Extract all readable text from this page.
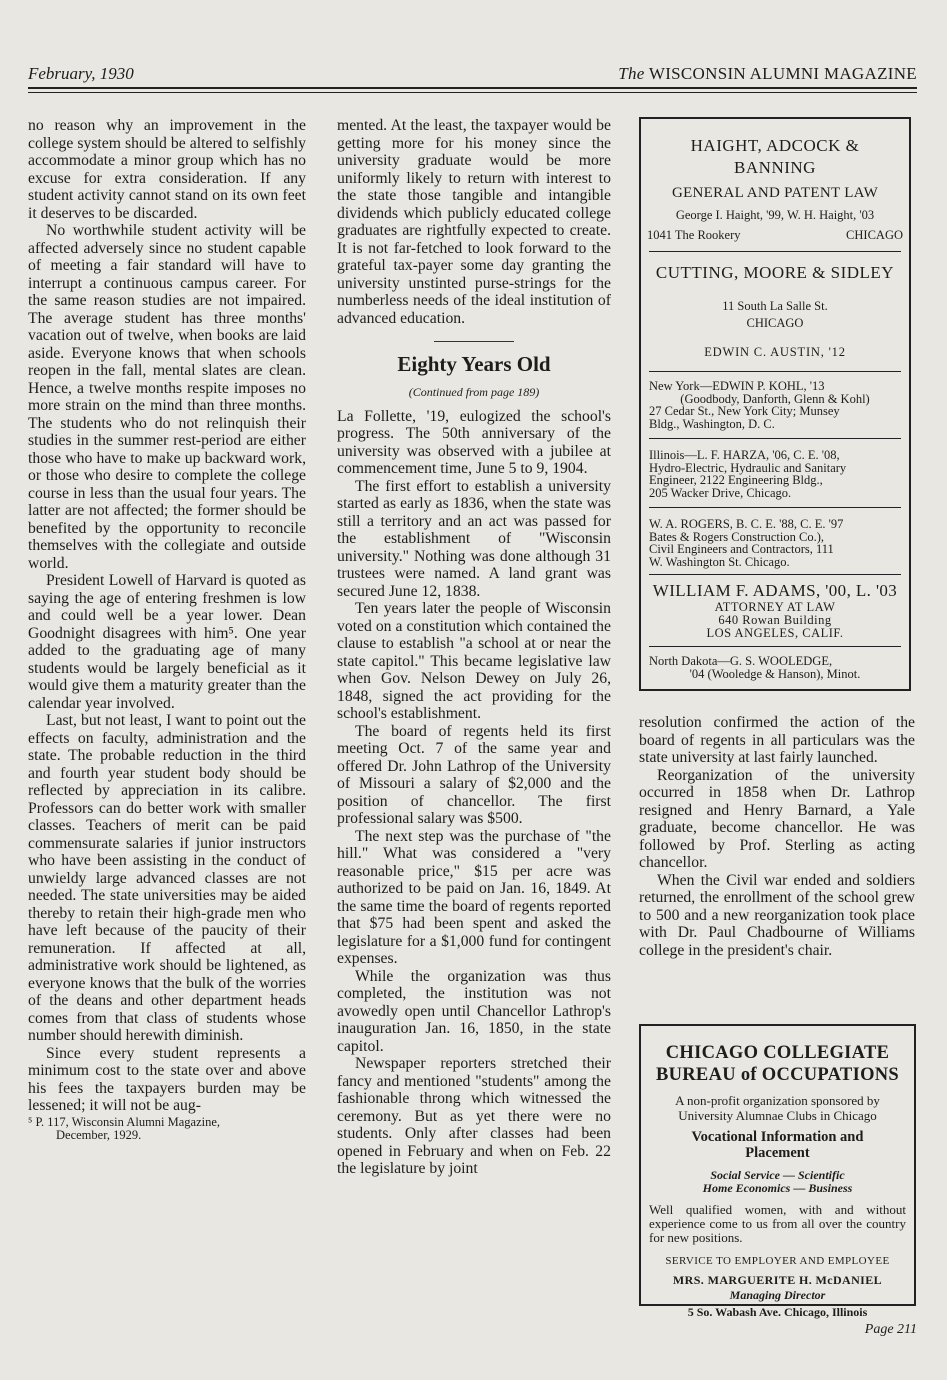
February, 1930	The WISCONSIN ALUMNI MAGAZINE

no reason why an improvement in the college system should be altered to selfishly accommodate a minor group which has no excuse for extra consideration. If any student activity cannot stand on its own feet it deserves to be discarded.

No worthwhile student activity will be affected adversely since no student capable of meeting a fair standard will have to interrupt a continuous campus career. For the same reason studies are not impaired. The average student has three months' vacation out of twelve, when books are laid aside. Everyone knows that when schools reopen in the fall, mental slates are clean. Hence, a twelve months respite imposes no more strain on the mind than three months. The students who do not relinquish their studies in the summer rest-period are either those who have to make up backward work, or those who desire to complete the college course in less than the usual four years. The latter are not affected; the former should be benefited by the opportunity to reconcile themselves with the collegiate and outside world.

President Lowell of Harvard is quoted as saying the age of entering freshmen is low and could well be a year lower. Dean Goodnight disagrees with him⁵. One year added to the graduating age of many students would be largely beneficial as it would give them a maturity greater than the calendar year involved.

Last, but not least, I want to point out the effects on faculty, administration and the state. The probable reduction in the third and fourth year student body should be reflected by appreciation in its calibre. Professors can do better work with smaller classes. Teachers of merit can be paid commensurate salaries if junior instructors who have been assisting in the conduct of unwieldy large advanced classes are not needed. The state universities may be aided thereby to retain their high-grade men who have left because of the paucity of their remuneration. If affected at all, administrative work should be lightened, as everyone knows that the bulk of the worries of the deans and other department heads comes from that class of students whose number should herewith diminish.

Since every student represents a minimum cost to the state over and above his fees the taxpayers burden may be lessened; it will not be aug-

⁵ P. 117, Wisconsin Alumni Magazine,
December, 1929.

mented. At the least, the taxpayer would be getting more for his money since the university graduate would be more uniformly likely to return with interest to the state those tangible and intangible dividends which publicly educated college graduates are rightfully expected to create. It is not far-fetched to look forward to the grateful tax-payer some day granting the university unstinted purse-strings for the numberless needs of the ideal institution of advanced education.

Eighty Years Old
(Continued from page 189)

La Follette, '19, eulogized the school's progress. The 50th anniversary of the university was observed with a jubilee at commencement time, June 5 to 9, 1904.

The first effort to establish a university started as early as 1836, when the state was still a territory and an act was passed for the establishment of "Wisconsin university." Nothing was done although 31 trustees were named. A land grant was secured June 12, 1838.

Ten years later the people of Wisconsin voted on a constitution which contained the clause to establish "a school at or near the state capitol." This became legislative law when Gov. Nelson Dewey on July 26, 1848, signed the act providing for the school's establishment.

The board of regents held its first meeting Oct. 7 of the same year and offered Dr. John Lathrop of the University of Missouri a salary of $2,000 and the position of chancellor. The first professional salary was $500.

The next step was the purchase of "the hill." What was considered a "very reasonable price," $15 per acre was authorized to be paid on Jan. 16, 1849. At the same time the board of regents reported that $75 had been spent and asked the legislature for a $1,000 fund for contingent expenses.

While the organization was thus completed, the institution was not avowedly open until Chancellor Lathrop's inauguration Jan. 16, 1850, in the state capitol.

Newspaper reporters stretched their fancy and mentioned "students" among the fashionable throng which witnessed the ceremony. But as yet there were no students. Only after classes had been opened in February and when on Feb. 22 the legislature by joint

HAIGHT, ADCOCK &
BANNING
GENERAL AND PATENT LAW
George I. Haight, '99, W. H. Haight, '03
1041 The Rookery	CHICAGO
CUTTING, MOORE & SIDLEY
11 South La Salle St.
CHICAGO
EDWIN C. AUSTIN, '12
New York—EDWIN P. KOHL, '13
(Goodbody, Danforth, Glenn & Kohl)
27 Cedar St., New York City; Munsey
Bldg., Washington, D. C.
Illinois—L. F. HARZA, '06, C. E. '08,
Hydro-Electric, Hydraulic and Sanitary
Engineer, 2122 Engineering Bldg.,
205 Wacker Drive, Chicago.
W. A. ROGERS, B. C. E. '88, C. E. '97
Bates & Rogers Construction Co.),
Civil Engineers and Contractors, 111
W. Washington St. Chicago.
WILLIAM F. ADAMS, '00, L. '03
ATTORNEY AT LAW
640 Rowan Building
LOS ANGELES, CALIF.
North Dakota—G. S. WOOLEDGE,
'04 (Wooledge & Hanson), Minot.

resolution confirmed the action of the board of regents in all particulars was the state university at last fairly launched.

Reorganization of the university occurred in 1858 when Dr. Lathrop resigned and Henry Barnard, a Yale graduate, become chancellor. He was followed by Prof. Sterling as acting chancellor.

When the Civil war ended and soldiers returned, the enrollment of the school grew to 500 and a new reorganization took place with Dr. Paul Chadbourne of Williams college in the president's chair.

CHICAGO COLLEGIATE
BUREAU of OCCUPATIONS
A non-profit organization sponsored by University Alumnae Clubs in Chicago
Vocational Information and
Placement
Social Service — Scientific
Home Economics — Business
Well qualified women, with and without experience come to us from all over the country for new positions.
SERVICE TO EMPLOYER AND EMPLOYEE
MRS. MARGUERITE H. McDANIEL
Managing Director
5 So. Wabash Ave. Chicago, Illinois
Page 211
